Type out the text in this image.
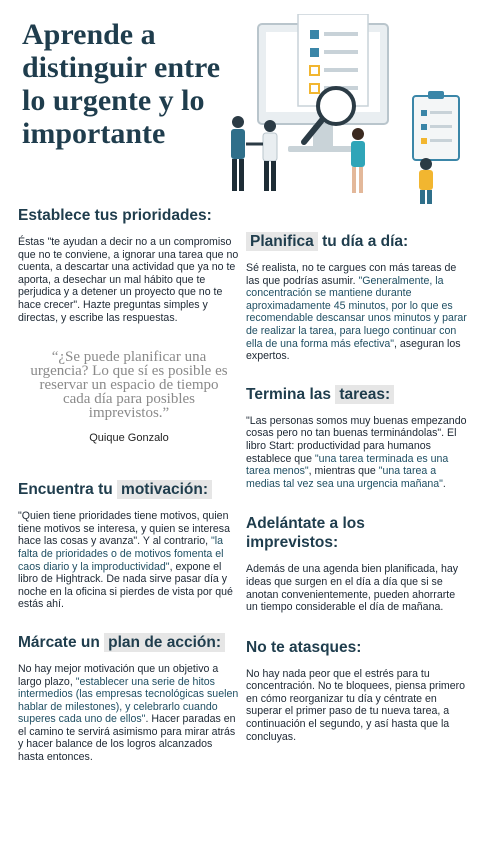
Aprende a distinguir entre lo urgente y lo importante
Establece tus prioridades:

Éstas "te ayudan a decir no a un compromiso que no te conviene, a ignorar una tarea que no cuenta, a descartar una actividad que ya no te aporta, a desechar un mal hábito que te perjudica y a detener un proyecto que no te hace crecer". Hazte preguntas simples y directas, y escribe las respuestas.

“¿Se puede planificar una urgencia? Lo que sí es posible es reservar un espacio de tiempo cada día para posibles imprevistos.”

Quique Gonzalo

Encuentra tu motivación:

"Quien tiene prioridades tiene motivos, quien tiene motivos se interesa, y quien se interesa hace las cosas y avanza". Y al contrario, "la falta de prioridades o de motivos fomenta el caos diario y la improductividad", expone el libro de Hightrack. De nada sirve pasar día y noche en la oficina si pierdes de vista por qué estás ahí.

Márcate un plan de acción:

No hay mejor motivación que un objetivo a largo plazo, "establecer una serie de hitos intermedios (las empresas tecnológicas suelen hablar de milestones), y celebrarlo cuando superes cada uno de ellos". Hacer paradas en el camino te servirá asimismo para mirar atrás y hacer balance de los logros alcanzados hasta entonces.

Planifica tu día a día:

Sé realista, no te cargues con más tareas de las que podrías asumir. "Generalmente, la concentración se mantiene durante aproximadamente 45 minutos, por lo que es recomendable descansar unos minutos y parar de realizar la tarea, para luego continuar con ella de una forma más efectiva", aseguran los expertos.

Termina las tareas:

"Las personas somos muy buenas empezando cosas pero no tan buenas terminándolas". El libro Start: productividad para humanos establece que "una tarea terminada es una tarea menos", mientras que "una tarea a medias tal vez sea una urgencia mañana".

Adelántate a los imprevistos:

Además de una agenda bien planificada, hay ideas que surgen en el día a día que si se anotan convenientemente, pueden ahorrarte un tiempo considerable el día de mañana.

No te atasques:

No hay nada peor que el estrés para tu concentración. No te bloquees, piensa primero en cómo reorganizar tu día y céntrate en superar el primer paso de tu nueva tarea, a continuación el segundo, y así hasta que la concluyas.
